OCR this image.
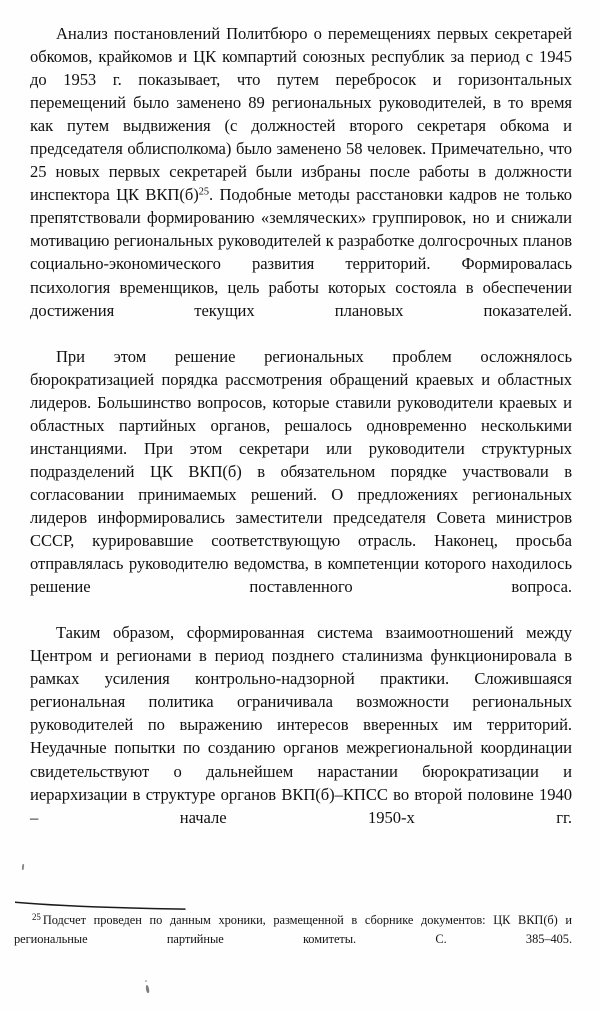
Анализ постановлений Политбюро о перемещениях первых секретарей обкомов, крайкомов и ЦК компартий союзных республик за период с 1945 до 1953 г. показывает, что путем перебросок и горизонтальных перемещений было заменено 89 региональных руководителей, в то время как путем выдвижения (с должностей второго секретаря обкома и председателя облисполкома) было заменено 58 человек. Примечательно, что 25 новых первых секретарей были избраны после работы в должности инспектора ЦК ВКП(б)$^{25}$. Подобные методы расстановки кадров не только препятствовали формированию «земляческих» группировок, но и снижали мотивацию региональных руководителей к разработке долгосрочных планов социально-экономического развития территорий. Формировалась психология временщиков, цель работы которых состояла в обеспечении достижения текущих плановых показателей.

При этом решение региональных проблем осложнялось бюрократизацией порядка рассмотрения обращений краевых и областных лидеров. Большинство вопросов, которые ставили руководители краевых и областных партийных органов, решалось одновременно несколькими инстанциями. При этом секретари или руководители структурных подразделений ЦК ВКП(б) в обязательном порядке участвовали в согласовании принимаемых решений. О предложениях региональных лидеров информировались заместители председателя Совета министров СССР, курировавшие соответствующую отрасль. Наконец, просьба отправлялась руководителю ведомства, в компетенции которого находилось решение поставленного вопроса.

Таким образом, сформированная система взаимоотношений между Центром и регионами в период позднего сталинизма функционировала в рамках усиления контрольно-надзорной практики. Сложившаяся региональная политика ограничивала возможности региональных руководителей по выражению интересов вверенных им территорий. Неудачные попытки по созданию органов межрегиональной координации свидетельствуют о дальнейшем нарастании бюрократизации и иерархизации в структуре органов ВКП(б)–КПСС во второй половине 1940 – начале 1950-х гг.

$^{25}$ Подсчет проведен по данным хроники, размещенной в сборнике документов: ЦК ВКП(б) и региональные партийные комитеты. С. 385–405.
